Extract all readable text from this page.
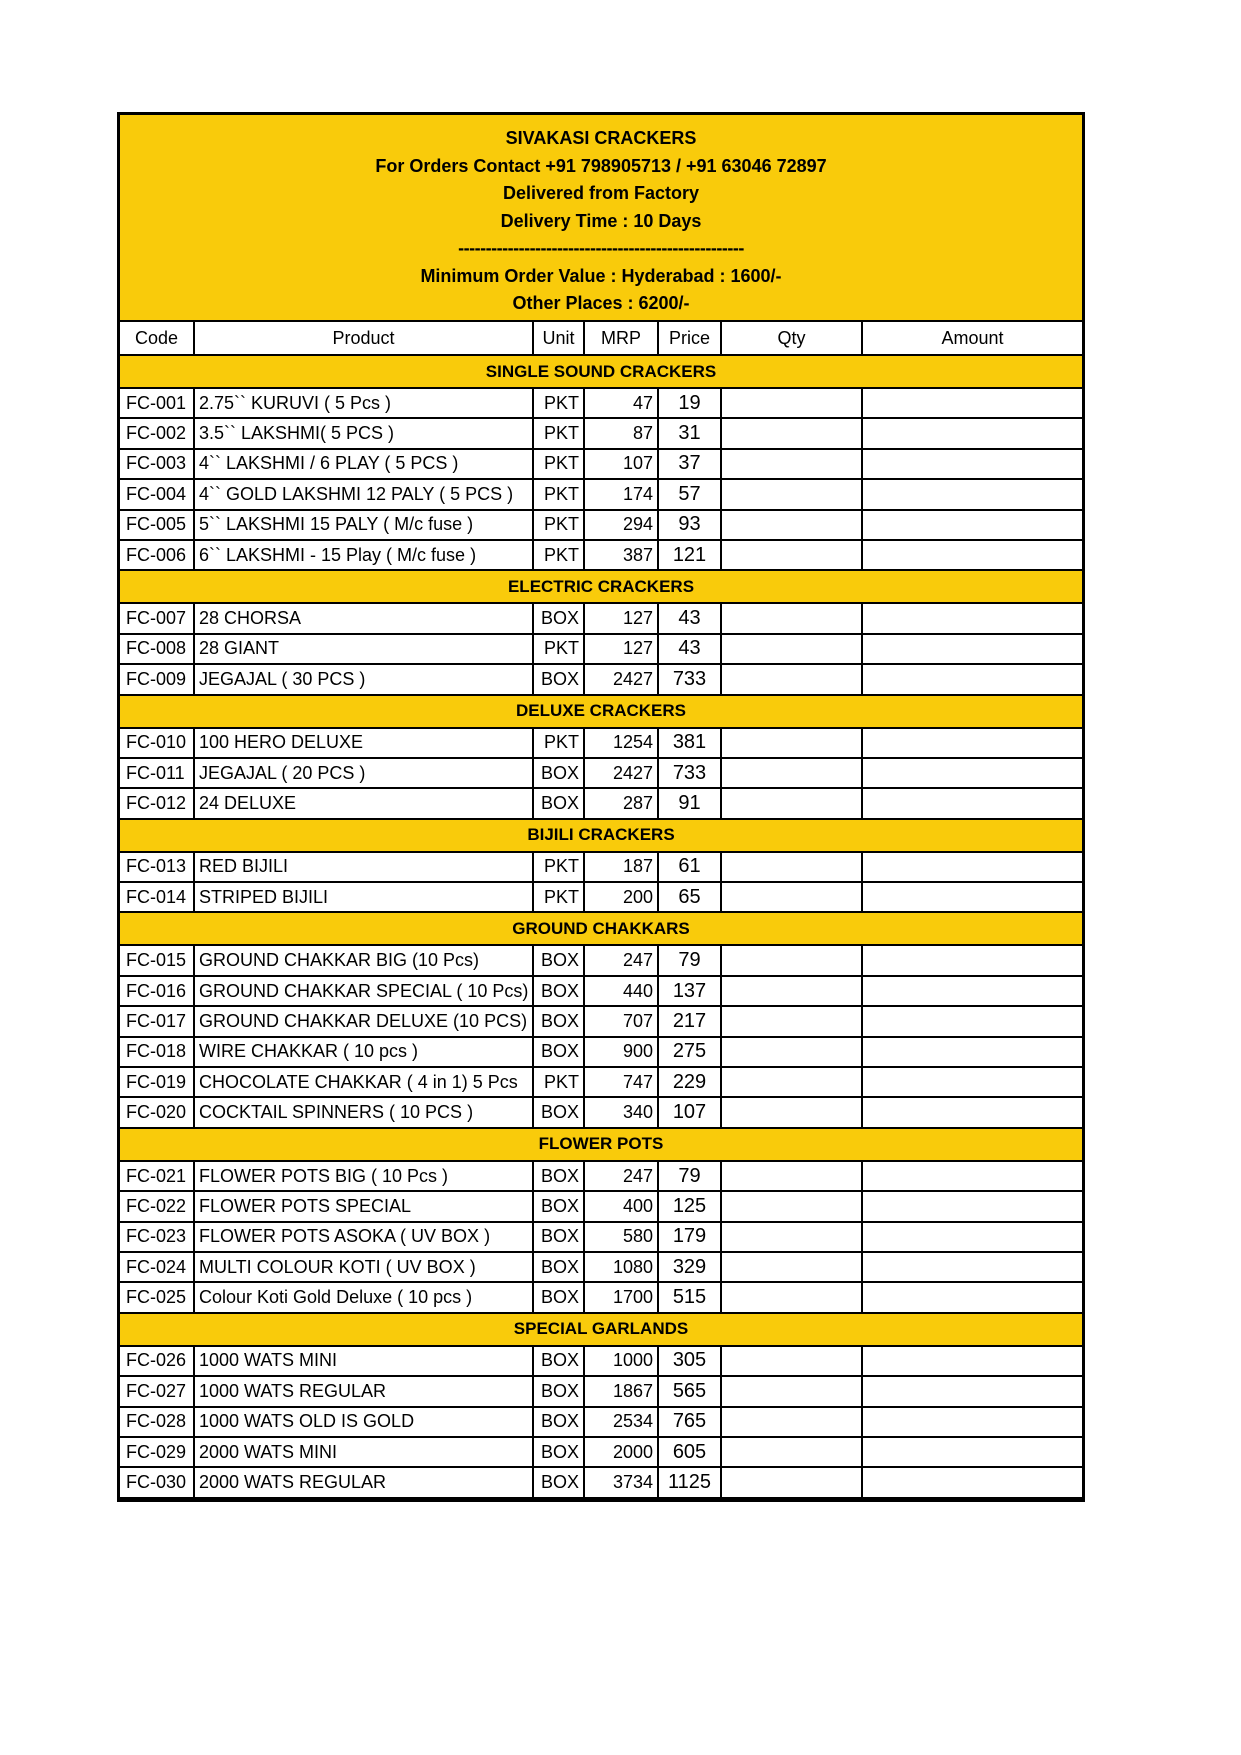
SIVAKASI CRACKERS
For Orders Contact +91 798905713 / +91 63046 72897
Delivered from Factory
Delivery Time : 10 Days
----------------------------------------------------
Minimum Order Value : Hyderabad : 1600/-
Other Places : 6200/-
Code	Product	Unit	MRP	Price	Qty	Amount
SINGLE SOUND CRACKERS						
FC-001	2.75`` KURUVI ( 5 Pcs )	PKT	47	19		
FC-002	3.5`` LAKSHMI( 5 PCS )	PKT	87	31		
FC-003	4`` LAKSHMI / 6 PLAY ( 5 PCS )	PKT	107	37		
FC-004	4`` GOLD LAKSHMI 12 PALY ( 5 PCS )	PKT	174	57		
FC-005	5`` LAKSHMI 15 PALY ( M/c fuse )	PKT	294	93		
FC-006	6`` LAKSHMI - 15 Play ( M/c fuse )	PKT	387	121		
ELECTRIC CRACKERS						
FC-007	28 CHORSA	BOX	127	43		
FC-008	28 GIANT	PKT	127	43		
FC-009	JEGAJAL ( 30 PCS )	BOX	2427	733		
DELUXE CRACKERS						
FC-010	100 HERO DELUXE	PKT	1254	381		
FC-011	JEGAJAL ( 20 PCS )	BOX	2427	733		
FC-012	24 DELUXE	BOX	287	91		
BIJILI CRACKERS						
FC-013	RED BIJILI	PKT	187	61		
FC-014	STRIPED BIJILI	PKT	200	65		
GROUND CHAKKARS						
FC-015	GROUND CHAKKAR BIG (10 Pcs)	BOX	247	79		
FC-016	GROUND CHAKKAR SPECIAL ( 10 Pcs)	BOX	440	137		
FC-017	GROUND CHAKKAR DELUXE (10 PCS)	BOX	707	217		
FC-018	WIRE CHAKKAR ( 10 pcs )	BOX	900	275		
FC-019	CHOCOLATE CHAKKAR ( 4 in 1) 5 Pcs	PKT	747	229		
FC-020	COCKTAIL SPINNERS ( 10 PCS )	BOX	340	107		
FLOWER POTS						
FC-021	FLOWER POTS BIG ( 10 Pcs )	BOX	247	79		
FC-022	FLOWER POTS SPECIAL	BOX	400	125		
FC-023	FLOWER POTS ASOKA ( UV BOX )	BOX	580	179		
FC-024	MULTI COLOUR KOTI ( UV BOX )	BOX	1080	329		
FC-025	Colour Koti Gold Deluxe ( 10 pcs )	BOX	1700	515		
SPECIAL GARLANDS						
FC-026	1000 WATS MINI	BOX	1000	305		
FC-027	1000 WATS REGULAR	BOX	1867	565		
FC-028	1000 WATS OLD IS GOLD	BOX	2534	765		
FC-029	2000 WATS MINI	BOX	2000	605		
FC-030	2000 WATS REGULAR	BOX	3734	1125		
